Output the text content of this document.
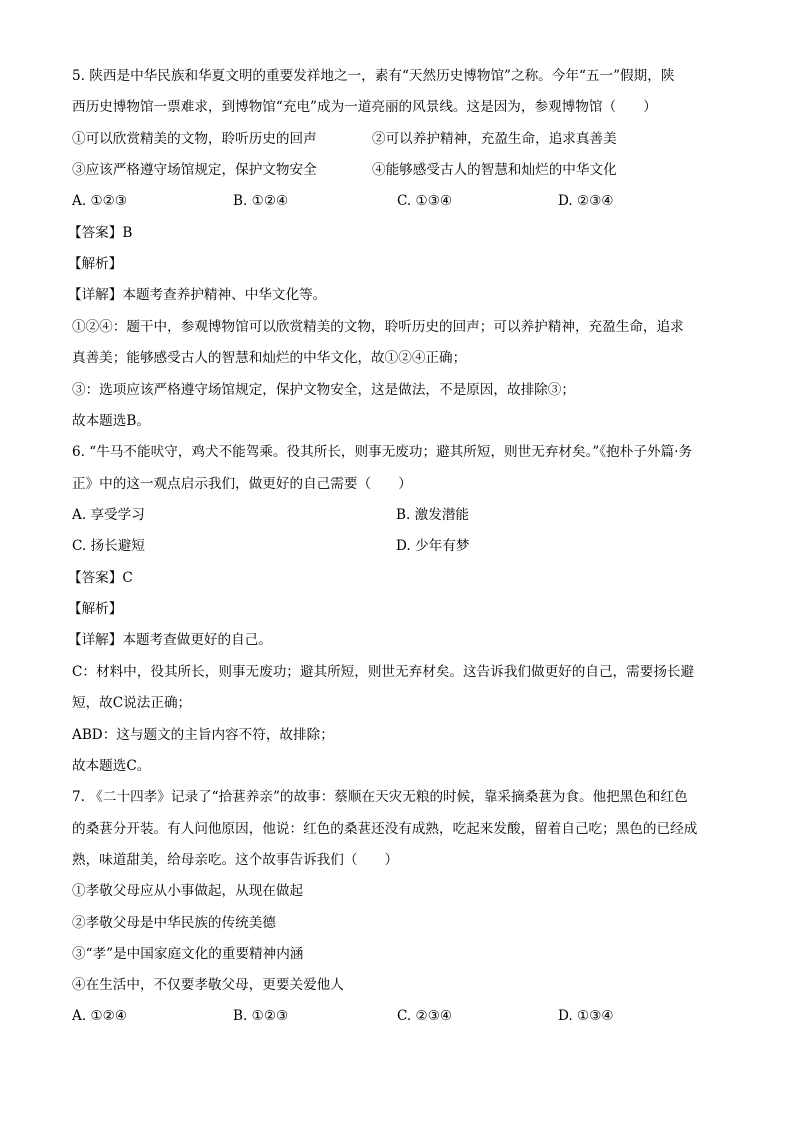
5. 陕西是中华民族和华夏文明的重要发祥地之一，素有“天然历史博物馆”之称。今年“五一”假期，陕
西历史博物馆一票难求，到博物馆“充电”成为一道亮丽的风景线。这是因为，参观博物馆（　　）
①可以欣赏精美的文物，聆听历史的回声	②可以养护精神，充盈生命，追求真善美
③应该严格遵守场馆规定，保护文物安全	④能够感受古人的智慧和灿烂的中华文化
A. ①②③	B. ①②④	C. ①③④	D. ②③④
【答案】B
【解析】
【详解】本题考查养护精神、中华文化等。
①②④：题干中，参观博物馆可以欣赏精美的文物，聆听历史的回声；可以养护精神，充盈生命，追求
真善美；能够感受古人的智慧和灿烂的中华文化，故①②④正确；
③：选项应该严格遵守场馆规定，保护文物安全，这是做法，不是原因，故排除③；
故本题选B。
6. “牛马不能吠守，鸡犬不能驾乘。役其所长，则事无废功；避其所短，则世无弃材矣。”《抱朴子外篇·务
正》中的这一观点启示我们，做更好的自己需要（　　）
A. 享受学习	B. 激发潜能
C. 扬长避短	D. 少年有梦
【答案】C
【解析】
【详解】本题考查做更好的自己。
C：材料中，役其所长，则事无废功；避其所短，则世无弃材矣。这告诉我们做更好的自己，需要扬长避
短，故C说法正确；
ABD：这与题文的主旨内容不符，故排除；
故本题选C。
7. 《二十四孝》记录了“拾葚养亲”的故事：蔡顺在天灾无粮的时候，靠采摘桑葚为食。他把黑色和红色
的桑葚分开装。有人问他原因，他说：红色的桑葚还没有成熟，吃起来发酸，留着自己吃；黑色的已经成
熟，味道甜美，给母亲吃。这个故事告诉我们（　　）
①孝敬父母应从小事做起，从现在做起
②孝敬父母是中华民族的传统美德
③“孝”是中国家庭文化的重要精神内涵
④在生活中，不仅要孝敬父母，更要关爱他人
A. ①②④	B. ①②③	C. ②③④	D. ①③④
